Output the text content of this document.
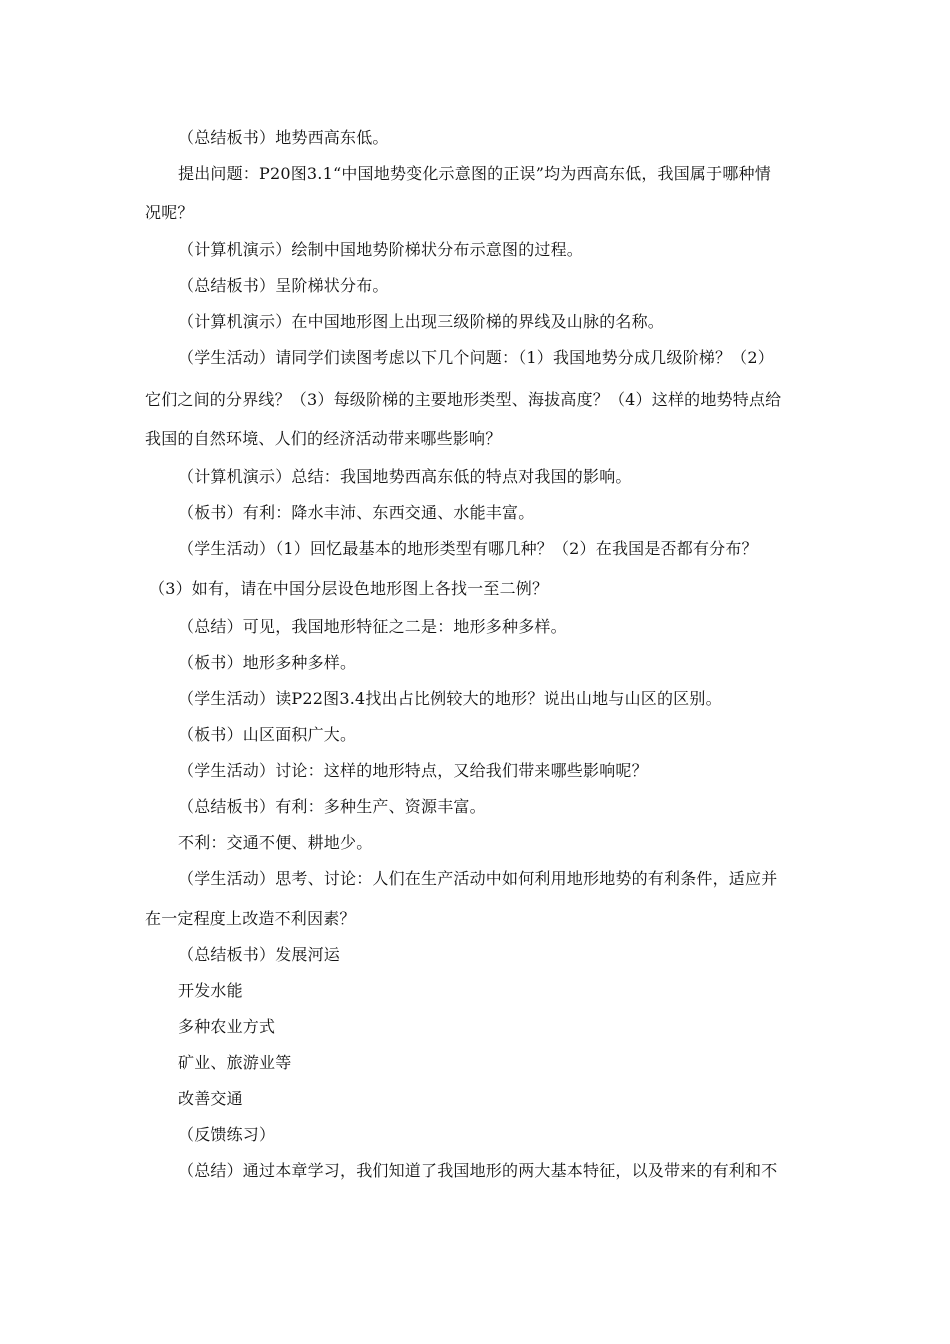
（总结板书）地势西高东低。
提出问题：P20图3.1“中国地势变化示意图的正误”均为西高东低，我国属于哪种情
况呢？
（计算机演示）绘制中国地势阶梯状分布示意图的过程。
（总结板书）呈阶梯状分布。
（计算机演示）在中国地形图上出现三级阶梯的界线及山脉的名称。
（学生活动）请同学们读图考虑以下几个问题：（1）我国地势分成几级阶梯？（2）
它们之间的分界线？（3）每级阶梯的主要地形类型、海拔高度？（4）这样的地势特点给
我国的自然环境、人们的经济活动带来哪些影响？
（计算机演示）总结：我国地势西高东低的特点对我国的影响。
（板书）有利：降水丰沛、东西交通、水能丰富。
（学生活动）（1）回忆最基本的地形类型有哪几种？（2）在我国是否都有分布？
（3）如有，请在中国分层设色地形图上各找一至二例？
（总结）可见，我国地形特征之二是：地形多种多样。
（板书）地形多种多样。
（学生活动）读P22图3.4找出占比例较大的地形？说出山地与山区的区别。
（板书）山区面积广大。
（学生活动）讨论：这样的地形特点，又给我们带来哪些影响呢？
（总结板书）有利：多种生产、资源丰富。
不利：交通不便、耕地少。
（学生活动）思考、讨论：人们在生产活动中如何利用地形地势的有利条件，适应并
在一定程度上改造不利因素？
（总结板书）发展河运
开发水能
多种农业方式
矿业、旅游业等
改善交通
（反馈练习）
（总结）通过本章学习，我们知道了我国地形的两大基本特征，以及带来的有利和不
